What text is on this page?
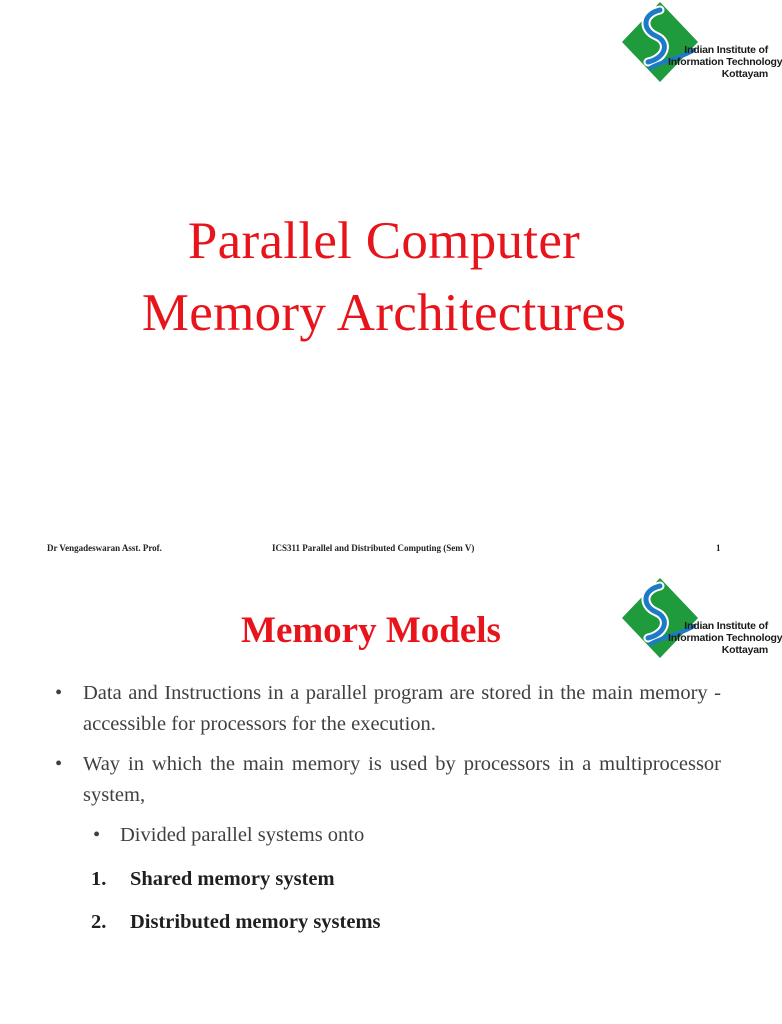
Indian Institute of
Information Technology
Kottayam
Parallel Computer
Memory Architectures
Dr Vengadeswaran Asst. Prof.	ICS311 Parallel and Distributed Computing (Sem V)	1
Indian Institute of
Information Technology
Kottayam
Memory Models
• Data and Instructions in a parallel program are stored in the main memory - accessible for processors for the execution.
• Way in which the main memory is used by processors in a multiprocessor system,
• Divided parallel systems onto
1. Shared memory system
2. Distributed memory systems
